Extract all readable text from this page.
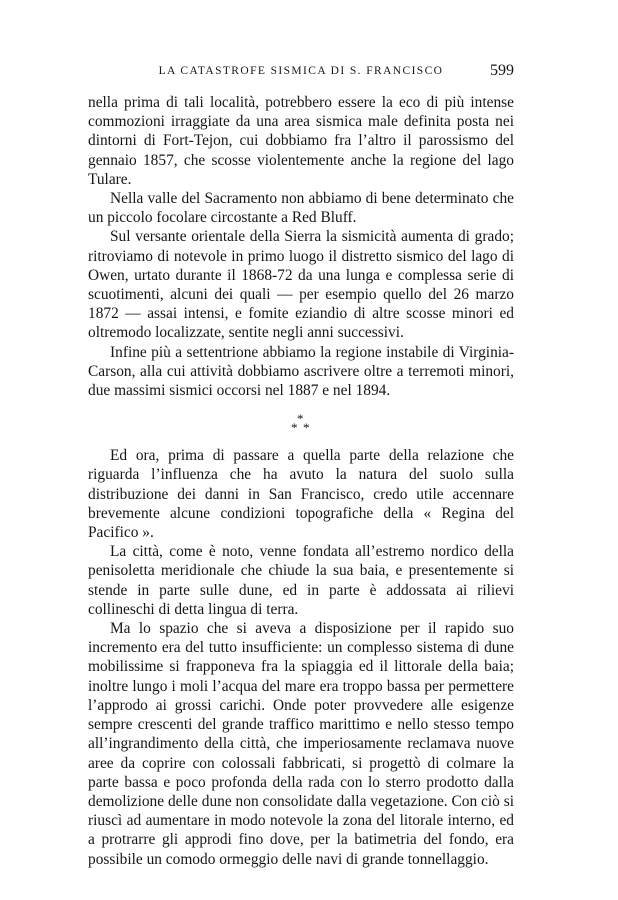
LA CATASTROFE SISMICA DI S. FRANCISCO	599

nella prima di tali località, potrebbero essere la eco di più intense commozioni irraggiate da una area sismica male definita posta nei dintorni di Fort-Tejon, cui dobbiamo fra l’altro il parossismo del gennaio 1857, che scosse violentemente anche la regione del lago Tulare.

Nella valle del Sacramento non abbiamo di bene determinato che un piccolo focolare circostante a Red Bluff.

Sul versante orientale della Sierra la sismicità aumenta di grado; ritroviamo di notevole in primo luogo il distretto sismico del lago di Owen, urtato durante il 1868-72 da una lunga e complessa serie di scuotimenti, alcuni dei quali — per esempio quello del 26 marzo 1872 — assai intensi, e fomite eziandio di altre scosse minori ed oltremodo localizzate, sentite negli anni successivi.

Infine più a settentrione abbiamo la regione instabile di Virginia-Carson, alla cui attività dobbiamo ascrivere oltre a terremoti minori, due massimi sismici occorsi nel 1887 e nel 1894.

*
* *

Ed ora, prima di passare a quella parte della relazione che riguarda l’influenza che ha avuto la natura del suolo sulla distribuzione dei danni in San Francisco, credo utile accennare brevemente alcune condizioni topografiche della « Regina del Pacifico ».

La città, come è noto, venne fondata all’estremo nordico della penisoletta meridionale che chiude la sua baia, e presentemente si stende in parte sulle dune, ed in parte è addossata ai rilievi collineschi di detta lingua di terra.

Ma lo spazio che si aveva a disposizione per il rapido suo incremento era del tutto insufficiente: un complesso sistema di dune mobilissime si frapponeva fra la spiaggia ed il littorale della baia; inoltre lungo i moli l’acqua del mare era troppo bassa per permettere l’approdo ai grossi carichi. Onde poter provvedere alle esigenze sempre crescenti del grande traffico marittimo e nello stesso tempo all’ingrandimento della città, che imperiosamente reclamava nuove aree da coprire con colossali fabbricati, si progettò di colmare la parte bassa e poco profonda della rada con lo sterro prodotto dalla demolizione delle dune non consolidate dalla vegetazione. Con ciò si riuscì ad aumentare in modo notevole la zona del litorale interno, ed a protrarre gli approdi fino dove, per la batimetria del fondo, era possibile un comodo ormeggio delle navi di grande tonnellaggio.
